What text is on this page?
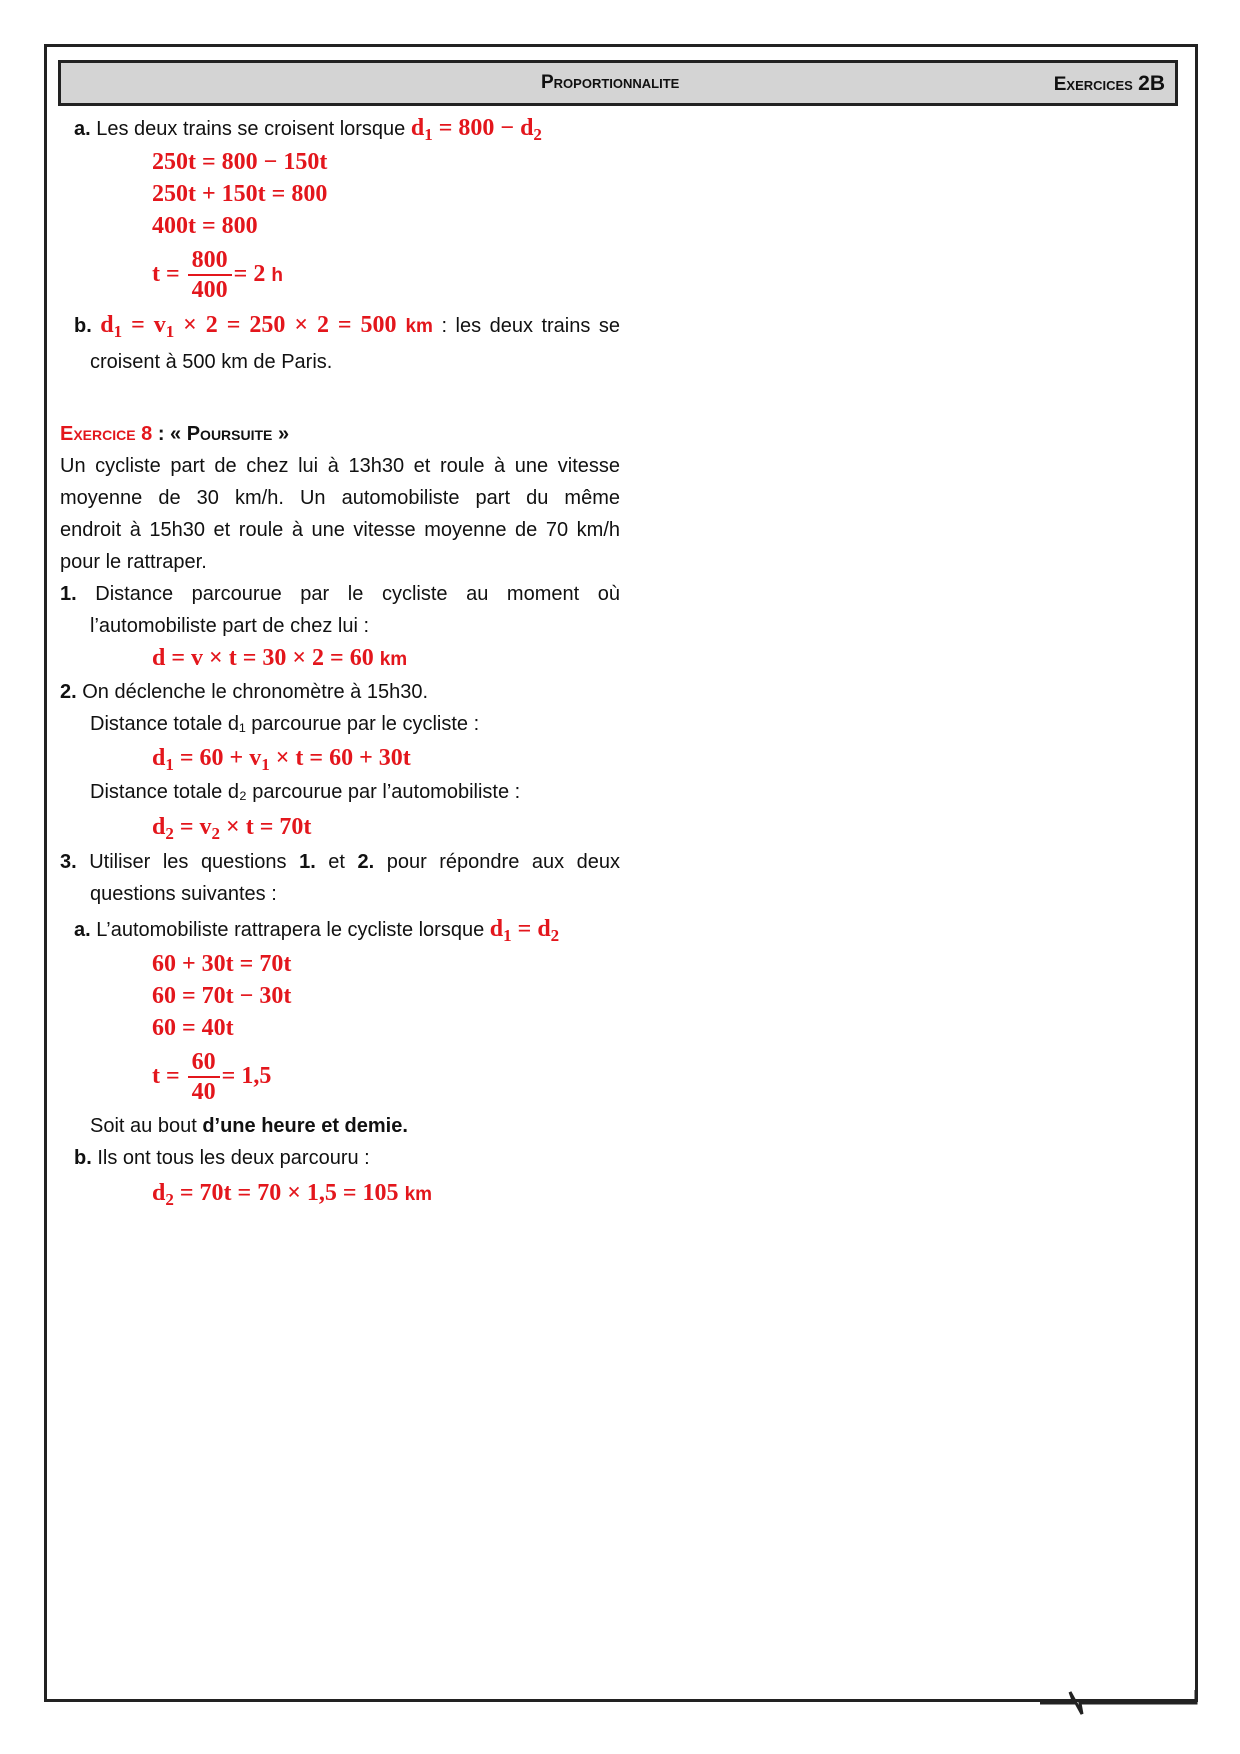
Proportionnalite	Exercices 2B
a. Les deux trains se croisent lorsque $d_1 = 800 - d_2$
250t = 800 − 150t
250t + 150t = 800
400t = 800
$t = \frac{800}{400} = 2$ h
b. $d_1 = v_1 \times 2 = 250 \times 2 = 500$ km : les deux trains se
croisent à 500 km de Paris.
Exercice 8 : « Poursuite »
Un cycliste part de chez lui à 13h30 et roule à une vitesse
moyenne de 30 km/h. Un automobiliste part du même
endroit à 15h30 et roule à une vitesse moyenne de 70 km/h
pour le rattraper.
1. Distance parcourue par le cycliste au moment où
l’automobiliste part de chez lui :
d = v × t = 30 × 2 = 60 km
2. On déclenche le chronomètre à 15h30.
Distance totale d₁ parcourue par le cycliste :
$d_1 = 60 + v_1 \times t = 60 + 30t$
Distance totale d₂ parcourue par l’automobiliste :
$d_2 = v_2 \times t = 70t$
3. Utiliser les questions 1. et 2. pour répondre aux deux
questions suivantes :
a. L’automobiliste rattrapera le cycliste lorsque $d_1 = d_2$
60 + 30t = 70t
60 = 70t − 30t
60 = 40t
$t = \frac{60}{40} = 1,5$
Soit au bout d’une heure et demie.
b. Ils ont tous les deux parcouru :
$d_2 = 70t = 70 \times 1,5 = 105$ km
